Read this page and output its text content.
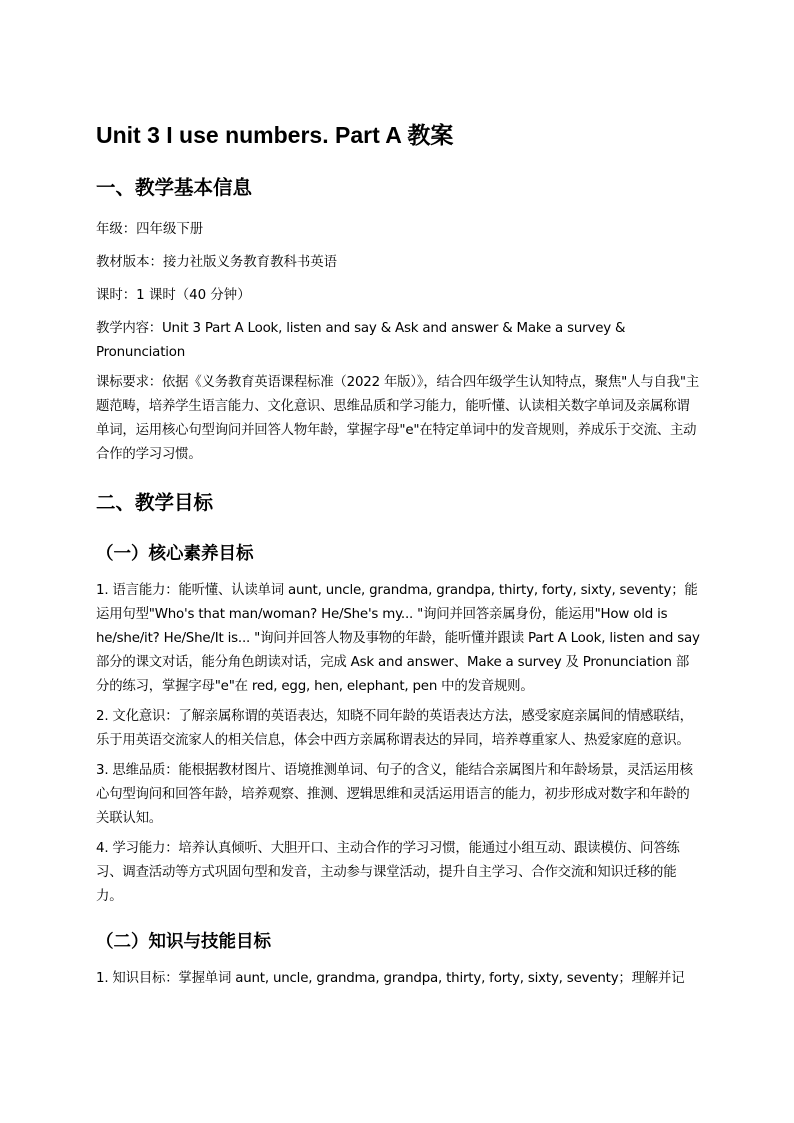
Unit 3 I use numbers. Part A 教案
一、教学基本信息

年级：四年级下册

教材版本：接力社版义务教育教科书英语

课时：1 课时（40 分钟）

教学内容：Unit 3 Part A Look, listen and say & Ask and answer & Make a survey & Pronunciation

课标要求：依据《义务教育英语课程标准（2022 年版）》，结合四年级学生认知特点，聚焦"人与自我"主题范畴，培养学生语言能力、文化意识、思维品质和学习能力，能听懂、认读相关数字单词及亲属称谓单词，运用核心句型询问并回答人物年龄，掌握字母"e"在特定单词中的发音规则，养成乐于交流、主动合作的学习习惯。

二、教学目标
（一）核心素养目标

1. 语言能力：能听懂、认读单词 aunt, uncle, grandma, grandpa, thirty, forty, sixty, seventy；能运用句型"Who's that man/woman? He/She's my... "询问并回答亲属身份，能运用"How old is he/she/it? He/She/It is... "询问并回答人物及事物的年龄，能听懂并跟读 Part A Look, listen and say 部分的课文对话，能分角色朗读对话，完成 Ask and answer、Make a survey 及 Pronunciation 部分的练习，掌握字母"e"在 red, egg, hen, elephant, pen 中的发音规则。

2. 文化意识：了解亲属称谓的英语表达，知晓不同年龄的英语表达方法，感受家庭亲属间的情感联结，乐于用英语交流家人的相关信息，体会中西方亲属称谓表达的异同，培养尊重家人、热爱家庭的意识。

3. 思维品质：能根据教材图片、语境推测单词、句子的含义，能结合亲属图片和年龄场景，灵活运用核心句型询问和回答年龄，培养观察、推测、逻辑思维和灵活运用语言的能力，初步形成对数字和年龄的关联认知。

4. 学习能力：培养认真倾听、大胆开口、主动合作的学习习惯，能通过小组互动、跟读模仿、问答练习、调查活动等方式巩固句型和发音，主动参与课堂活动，提升自主学习、合作交流和知识迁移的能力。

（二）知识与技能目标

1. 知识目标：掌握单词 aunt, uncle, grandma, grandpa, thirty, forty, sixty, seventy；理解并记
